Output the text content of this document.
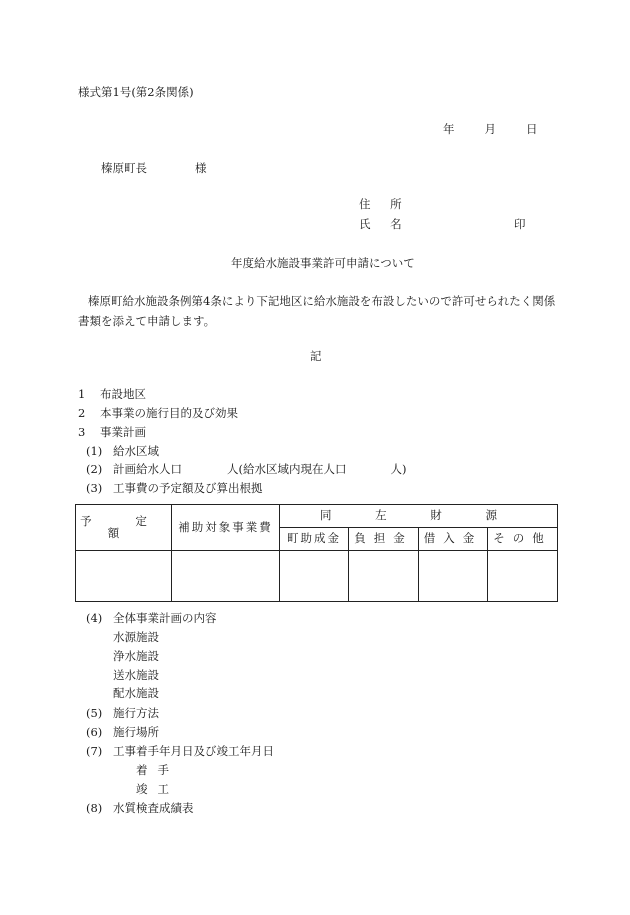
様式第1号(第2条関係)
年	月	日
榛原町長	様
住 所
氏 名	印
年度給水施設事業許可申請について
榛原町給水施設条例第4条により下記地区に給水施設を布設したいので許可せられたく関係書類を添えて申請します。
記
1 布設地区
2 本事業の施行目的及び効果
3 事業計画
(1) 給水区域
(2) 計画給水人口	人(給水区域内現在人口	人)
(3) 工事費の予定額及び算出根拠
予 定 額	補助対象事業費	同 左 財 源			
		町助成金	負担金	借入金	その他

(4) 全体事業計画の内容
水源施設
浄水施設
送水施設
配水施設
(5) 施行方法
(6) 施行場所
(7) 工事着手年月日及び竣工年月日
着手
竣工
(8) 水質検査成績表
